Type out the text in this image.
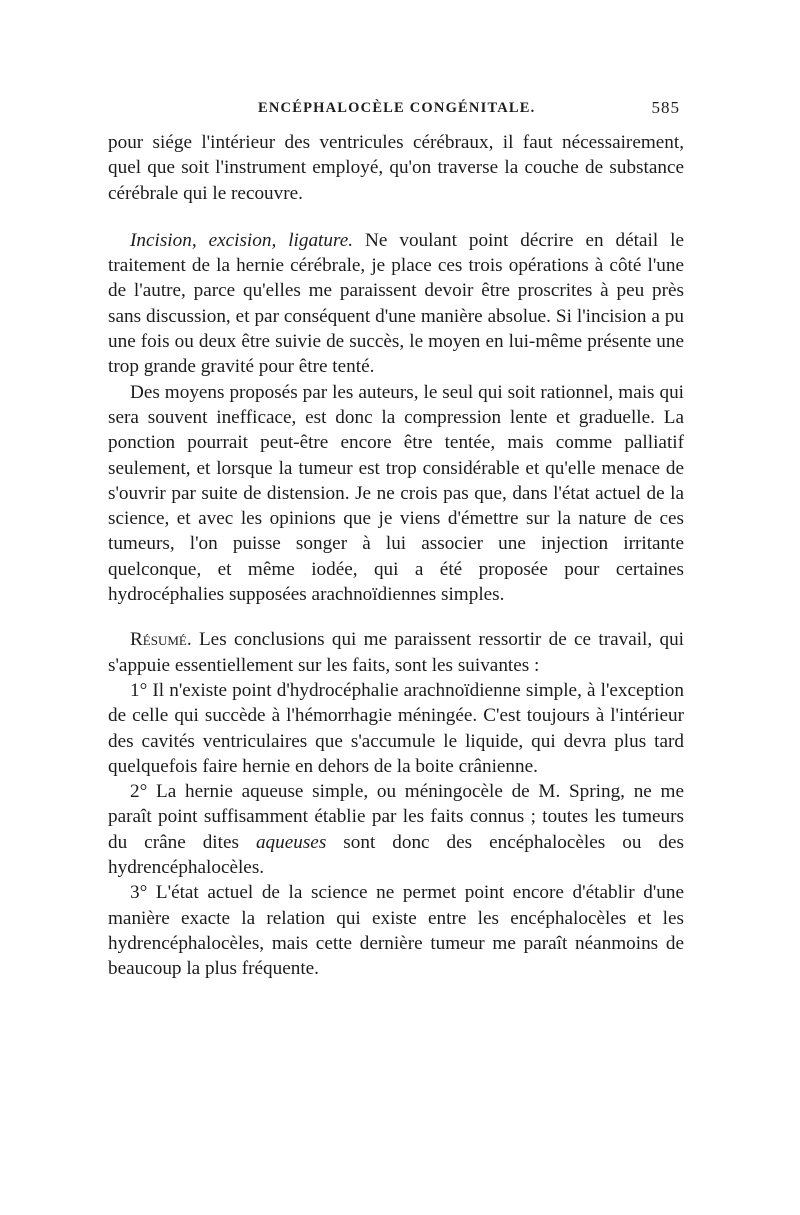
ENCÉPHALOCÈLE CONGÉNITALE.	585

pour siége l'intérieur des ventricules cérébraux, il faut nécessairement, quel que soit l'instrument employé, qu'on traverse la couche de substance cérébrale qui le recouvre.

Incision, excision, ligature. Ne voulant point décrire en détail le traitement de la hernie cérébrale, je place ces trois opérations à côté l'une de l'autre, parce qu'elles me paraissent devoir être proscrites à peu près sans discussion, et par conséquent d'une manière absolue. Si l'incision a pu une fois ou deux être suivie de succès, le moyen en lui-même présente une trop grande gravité pour être tenté.

Des moyens proposés par les auteurs, le seul qui soit rationnel, mais qui sera souvent inefficace, est donc la compression lente et graduelle. La ponction pourrait peut-être encore être tentée, mais comme palliatif seulement, et lorsque la tumeur est trop considérable et qu'elle menace de s'ouvrir par suite de distension. Je ne crois pas que, dans l'état actuel de la science, et avec les opinions que je viens d'émettre sur la nature de ces tumeurs, l'on puisse songer à lui associer une injection irritante quelconque, et même iodée, qui a été proposée pour certaines hydrocéphalies supposées arachnoïdiennes simples.

Résumé. Les conclusions qui me paraissent ressortir de ce travail, qui s'appuie essentiellement sur les faits, sont les suivantes :

1° Il n'existe point d'hydrocéphalie arachnoïdienne simple, à l'exception de celle qui succède à l'hémorrhagie méningée. C'est toujours à l'intérieur des cavités ventriculaires que s'accumule le liquide, qui devra plus tard quelquefois faire hernie en dehors de la boite crânienne.

2° La hernie aqueuse simple, ou méningocèle de M. Spring, ne me paraît point suffisamment établie par les faits connus ; toutes les tumeurs du crâne dites aqueuses sont donc des encéphalocèles ou des hydrencéphalocèles.

3° L'état actuel de la science ne permet point encore d'établir d'une manière exacte la relation qui existe entre les encéphalocèles et les hydrencéphalocèles, mais cette dernière tumeur me paraît néanmoins de beaucoup la plus fréquente.
